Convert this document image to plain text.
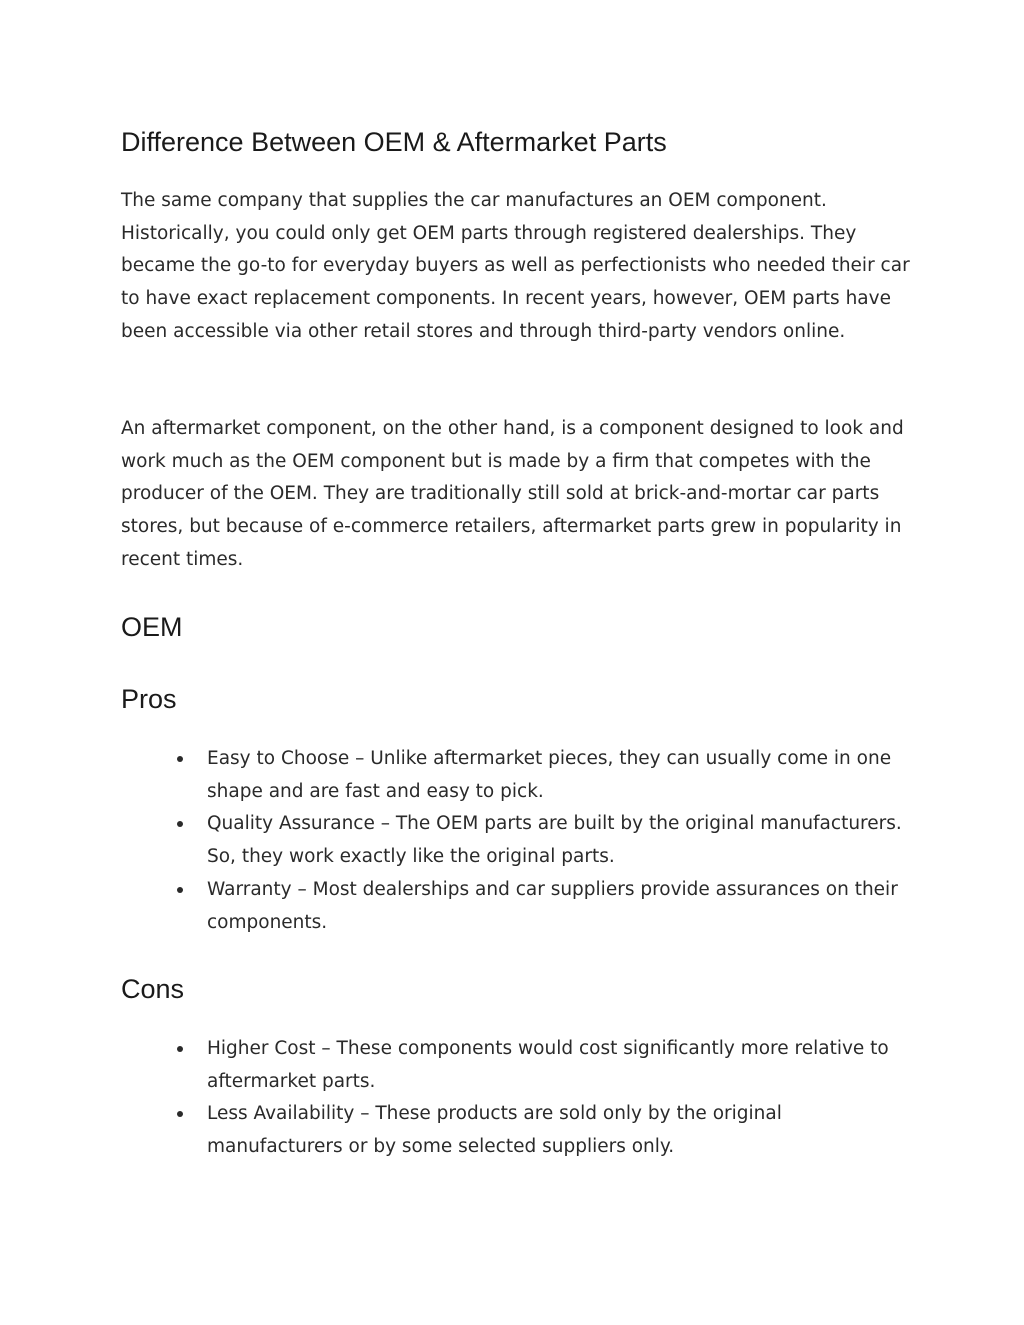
Difference Between OEM & Aftermarket Parts

The same company that supplies the car manufactures an OEM component. Historically, you could only get OEM parts through registered dealerships. They became the go-to for everyday buyers as well as perfectionists who needed their car to have exact replacement components. In recent years, however, OEM parts have been accessible via other retail stores and through third-party vendors online.

An aftermarket component, on the other hand, is a component designed to look and work much as the OEM component but is made by a firm that competes with the producer of the OEM. They are traditionally still sold at brick-and-mortar car parts stores, but because of e-commerce retailers, aftermarket parts grew in popularity in recent times.

OEM
Pros
Easy to Choose – Unlike aftermarket pieces, they can usually come in one shape and are fast and easy to pick.
Quality Assurance – The OEM parts are built by the original manufacturers. So, they work exactly like the original parts.
Warranty – Most dealerships and car suppliers provide assurances on their components.
Cons
Higher Cost – These components would cost significantly more relative to aftermarket parts.
Less Availability – These products are sold only by the original manufacturers or by some selected suppliers only.
